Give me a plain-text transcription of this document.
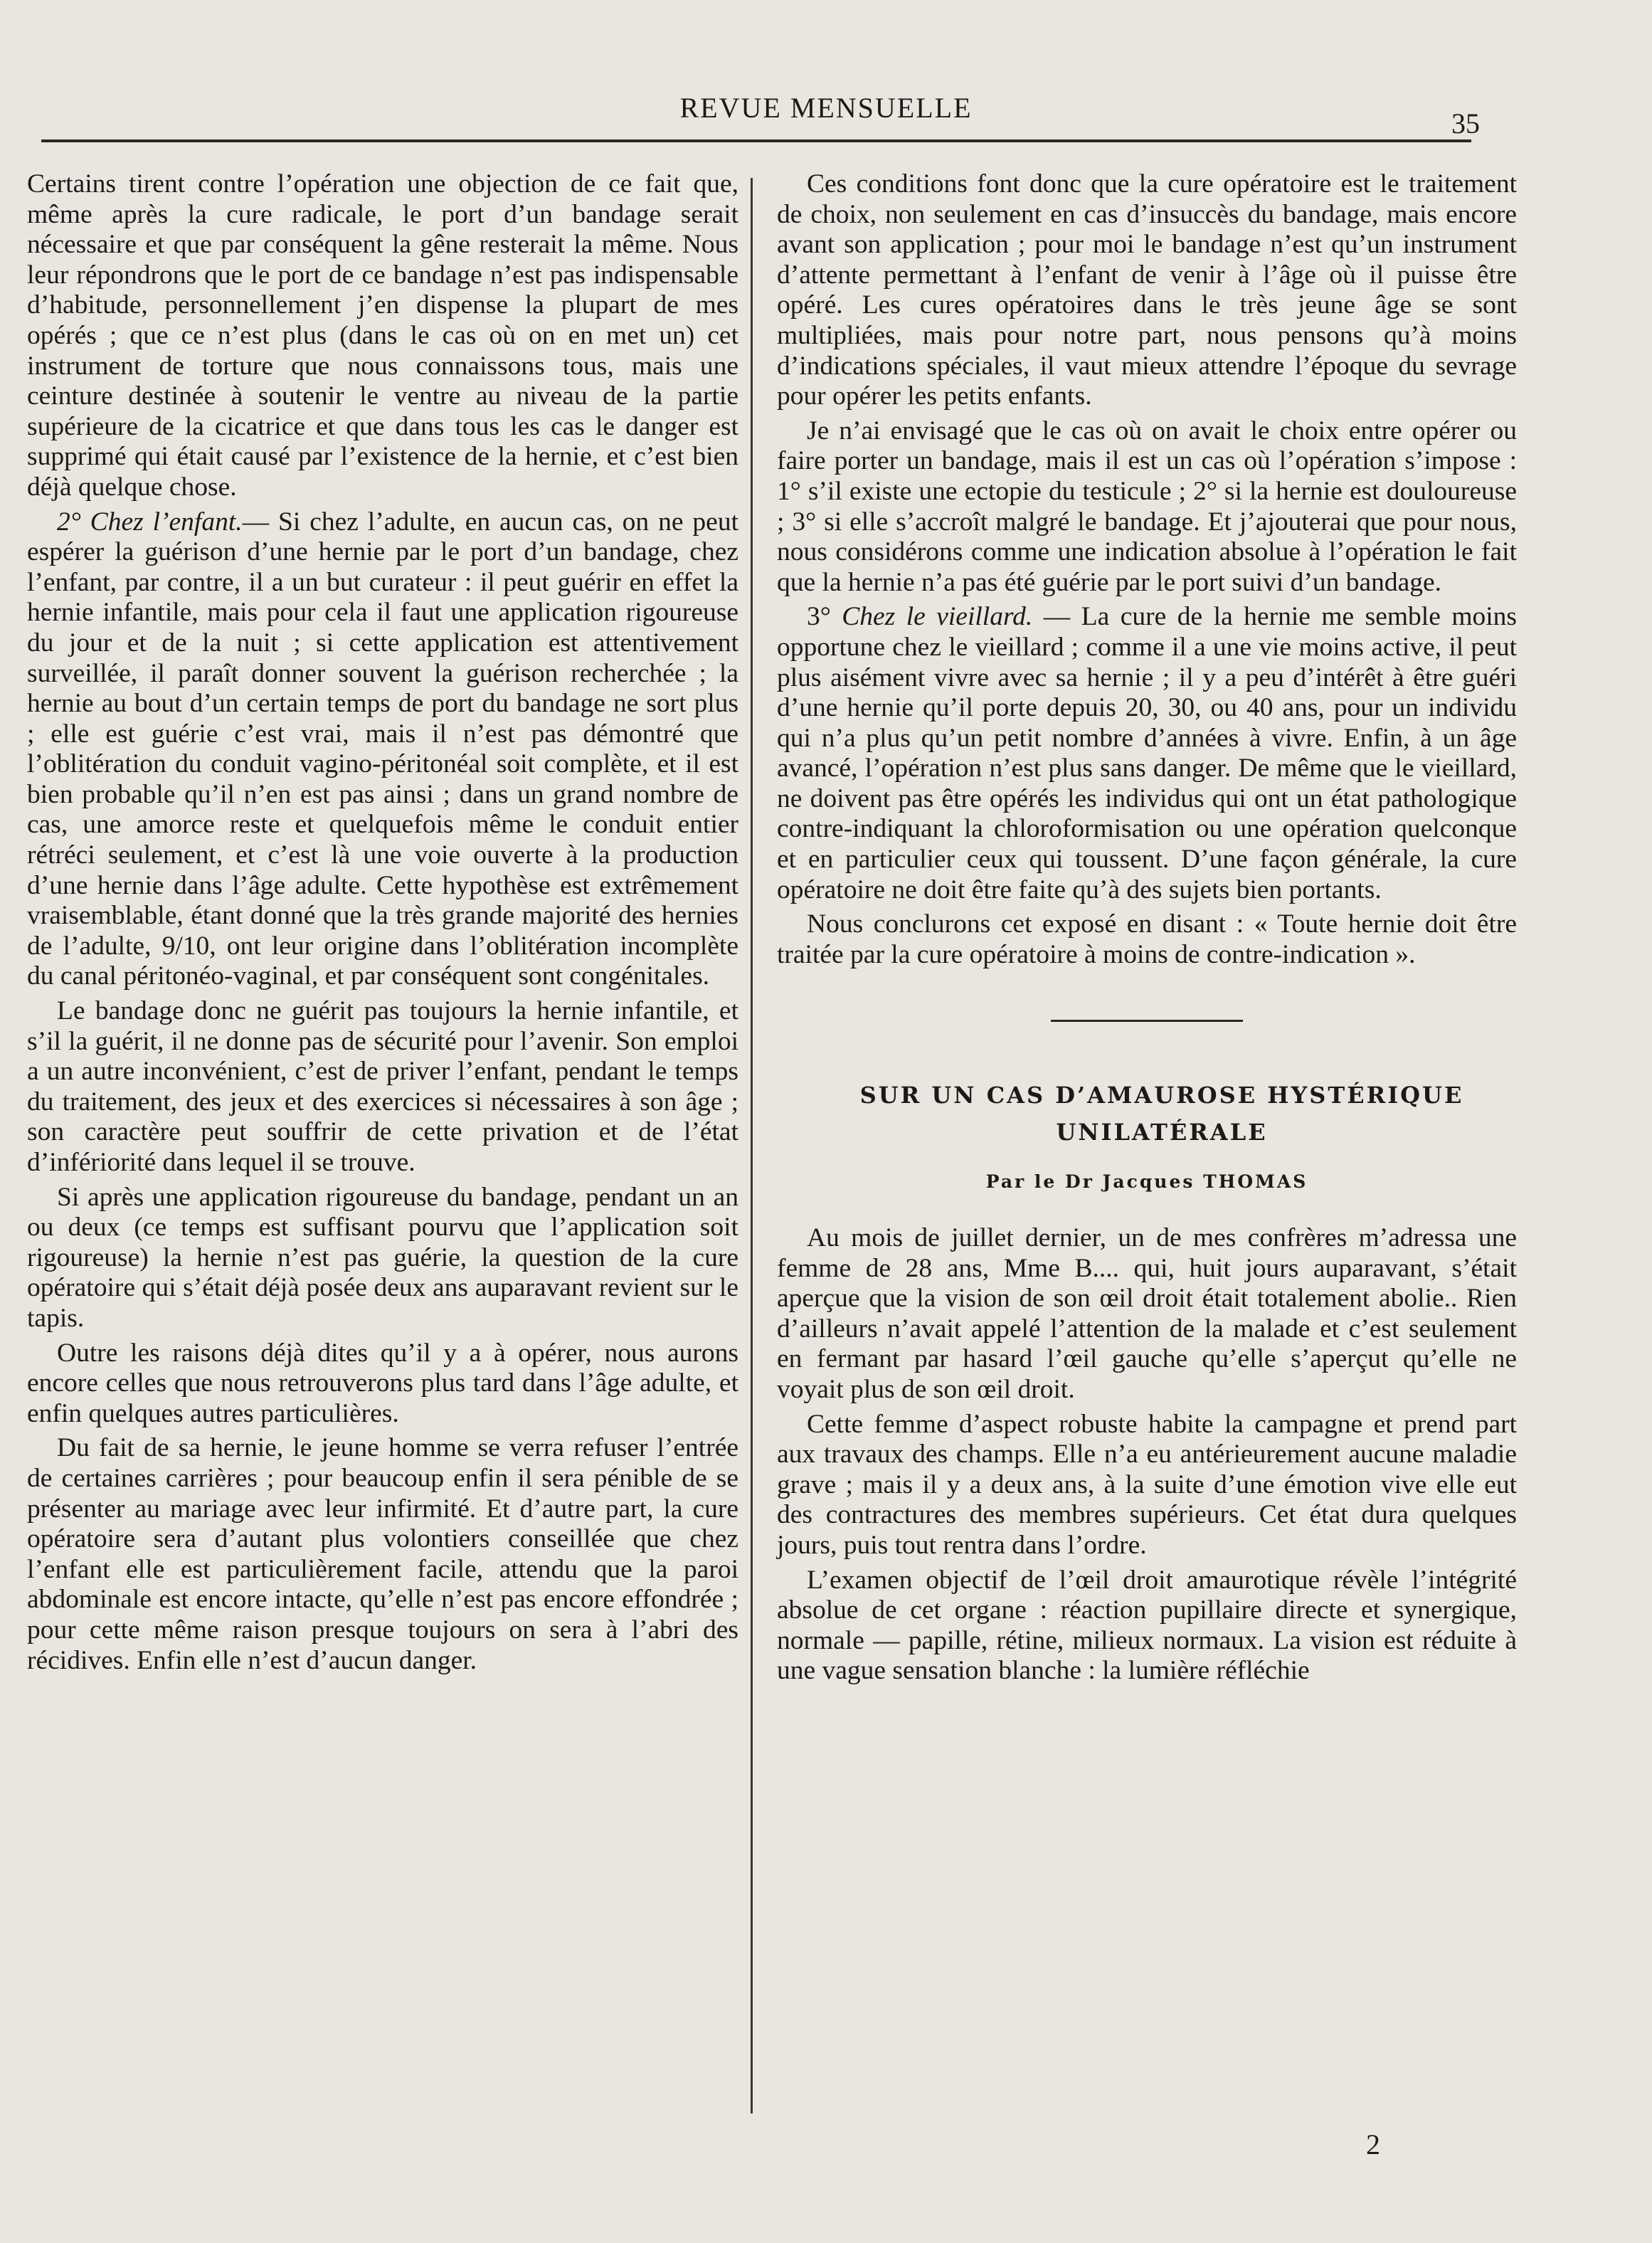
REVUE MENSUELLE	35

Certains tirent contre l’opération une objection de ce fait que, même après la cure radicale, le port d’un bandage serait nécessaire et que par conséquent la gêne resterait la même. Nous leur répondrons que le port de ce bandage n’est pas indispensable d’habitude, personnellement j’en dispense la plupart de mes opérés ; que ce n’est plus (dans le cas où on en met un) cet instrument de torture que nous connaissons tous, mais une ceinture destinée à soutenir le ventre au niveau de la partie supérieure de la cicatrice et que dans tous les cas le danger est supprimé qui était causé par l’existence de la hernie, et c’est bien déjà quelque chose.

2° Chez l’enfant.— Si chez l’adulte, en aucun cas, on ne peut espérer la guérison d’une hernie par le port d’un bandage, chez l’enfant, par contre, il a un but curateur : il peut guérir en effet la hernie infantile, mais pour cela il faut une application rigoureuse du jour et de la nuit ; si cette application est attentivement surveillée, il paraît donner souvent la guérison recherchée ; la hernie au bout d’un certain temps de port du bandage ne sort plus ; elle est guérie c’est vrai, mais il n’est pas démontré que l’oblitération du conduit vagino-péritonéal soit complète, et il est bien probable qu’il n’en est pas ainsi ; dans un grand nombre de cas, une amorce reste et quelquefois même le conduit entier rétréci seulement, et c’est là une voie ouverte à la production d’une hernie dans l’âge adulte. Cette hypothèse est extrêmement vraisemblable, étant donné que la très grande majorité des hernies de l’adulte, 9/10, ont leur origine dans l’oblitération incomplète du canal péritonéo-vaginal, et par conséquent sont congénitales.

Le bandage donc ne guérit pas toujours la hernie infantile, et s’il la guérit, il ne donne pas de sécurité pour l’avenir. Son emploi a un autre inconvénient, c’est de priver l’enfant, pendant le temps du traitement, des jeux et des exercices si nécessaires à son âge ; son caractère peut souffrir de cette privation et de l’état d’infériorité dans lequel il se trouve.

Si après une application rigoureuse du bandage, pendant un an ou deux (ce temps est suffisant pourvu que l’application soit rigoureuse) la hernie n’est pas guérie, la question de la cure opératoire qui s’était déjà posée deux ans auparavant revient sur le tapis.

Outre les raisons déjà dites qu’il y a à opérer, nous aurons encore celles que nous retrouverons plus tard dans l’âge adulte, et enfin quelques autres particulières.

Du fait de sa hernie, le jeune homme se verra refuser l’entrée de certaines carrières ; pour beaucoup enfin il sera pénible de se présenter au mariage avec leur infirmité. Et d’autre part, la cure opératoire sera d’autant plus volontiers conseillée que chez l’enfant elle est particulièrement facile, attendu que la paroi abdominale est encore intacte, qu’elle n’est pas encore effondrée ; pour cette même raison presque toujours on sera à l’abri des récidives. Enfin elle n’est d’aucun danger.

Ces conditions font donc que la cure opératoire est le traitement de choix, non seulement en cas d’insuccès du bandage, mais encore avant son application ; pour moi le bandage n’est qu’un instrument d’attente permettant à l’enfant de venir à l’âge où il puisse être opéré. Les cures opératoires dans le très jeune âge se sont multipliées, mais pour notre part, nous pensons qu’à moins d’indications spéciales, il vaut mieux attendre l’époque du sevrage pour opérer les petits enfants.

Je n’ai envisagé que le cas où on avait le choix entre opérer ou faire porter un bandage, mais il est un cas où l’opération s’impose : 1° s’il existe une ectopie du testicule ; 2° si la hernie est douloureuse ; 3° si elle s’accroît malgré le bandage. Et j’ajouterai que pour nous, nous considérons comme une indication absolue à l’opération le fait que la hernie n’a pas été guérie par le port suivi d’un bandage.

3° Chez le vieillard. — La cure de la hernie me semble moins opportune chez le vieillard ; comme il a une vie moins active, il peut plus aisément vivre avec sa hernie ; il y a peu d’intérêt à être guéri d’une hernie qu’il porte depuis 20, 30, ou 40 ans, pour un individu qui n’a plus qu’un petit nombre d’années à vivre. Enfin, à un âge avancé, l’opération n’est plus sans danger. De même que le vieillard, ne doivent pas être opérés les individus qui ont un état pathologique contre-indiquant la chloroformisation ou une opération quelconque et en particulier ceux qui toussent. D’une façon générale, la cure opératoire ne doit être faite qu’à des sujets bien portants.

Nous conclurons cet exposé en disant : « Toute hernie doit être traitée par la cure opératoire à moins de contre-indication ».

SUR UN CAS D’AMAUROSE HYSTÉRIQUE

UNILATÉRALE

Par le Dr Jacques THOMAS

Au mois de juillet dernier, un de mes confrères m’adressa une femme de 28 ans, Mme B.... qui, huit jours auparavant, s’était aperçue que la vision de son œil droit était totalement abolie.. Rien d’ailleurs n’avait appelé l’attention de la malade et c’est seulement en fermant par hasard l’œil gauche qu’elle s’aperçut qu’elle ne voyait plus de son œil droit.

Cette femme d’aspect robuste habite la campagne et prend part aux travaux des champs. Elle n’a eu antérieurement aucune maladie grave ; mais il y a deux ans, à la suite d’une émotion vive elle eut des contractures des membres supérieurs. Cet état dura quelques jours, puis tout rentra dans l’ordre.

L’examen objectif de l’œil droit amaurotique révèle l’intégrité absolue de cet organe : réaction pupillaire directe et synergique, normale — papille, rétine, milieux normaux. La vision est réduite à une vague sensation blanche : la lumière réfléchie

2
